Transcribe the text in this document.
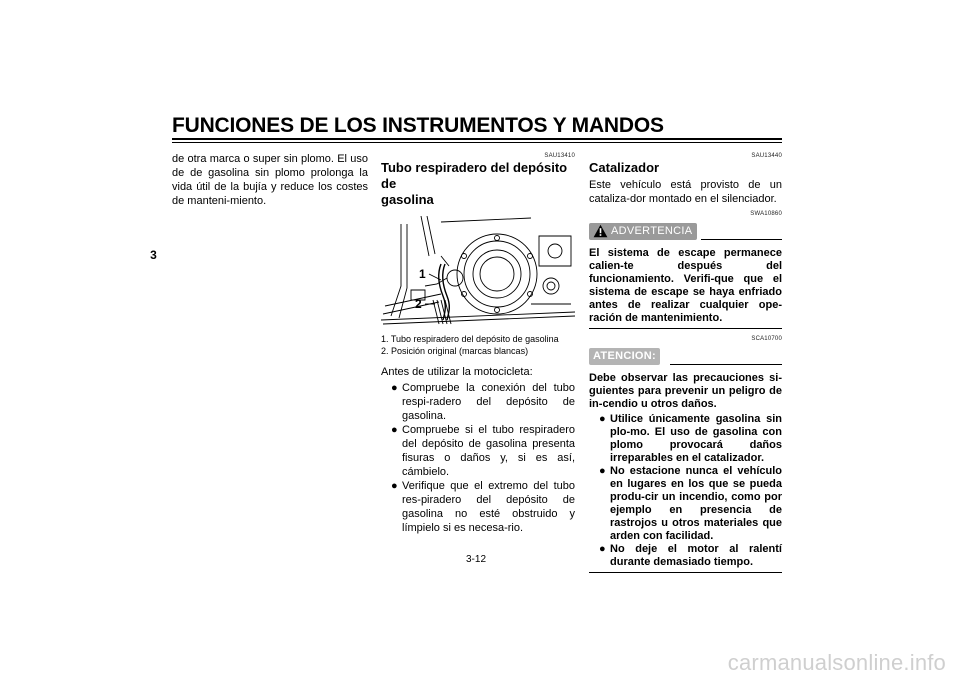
FUNCIONES DE LOS INSTRUMENTOS Y MANDOS
3
de otra marca o super sin plomo. El uso de de gasolina sin plomo prolonga la vida útil de la bujía y reduce los costes de manteni-miento.
SAU13410
Tubo respiradero del depósito de
gasolina
1
2
1. Tubo respiradero del depósito de gasolina
2. Posición original (marcas blancas)
Antes de utilizar la motocicleta:
● Compruebe la conexión del tubo respi-radero del depósito de gasolina.
● Compruebe si el tubo respiradero del depósito de gasolina presenta fisuras o daños y, si es así, cámbielo.
● Verifique que el extremo del tubo res-piradero del depósito de gasolina no esté obstruido y límpielo si es necesa-rio.
SAU13440
Catalizador
Este vehículo está provisto de un cataliza-dor montado en el silenciador.
SWA10860
ADVERTENCIA
El sistema de escape permanece calien-te después del funcionamiento. Verifi-que que el sistema de escape se haya enfriado antes de realizar cualquier ope-ración de mantenimiento.
SCA10700
ATENCION:
Debe observar las precauciones si-guientes para prevenir un peligro de in-cendio u otros daños.
● Utilice únicamente gasolina sin plo-mo. El uso de gasolina con plomo provocará daños irreparables en el catalizador.
● No estacione nunca el vehículo en lugares en los que se pueda produ-cir un incendio, como por ejemplo en presencia de rastrojos u otros materiales que arden con facilidad.
● No deje el motor al ralentí durante demasiado tiempo.
3-12
carmanualsonline.info
